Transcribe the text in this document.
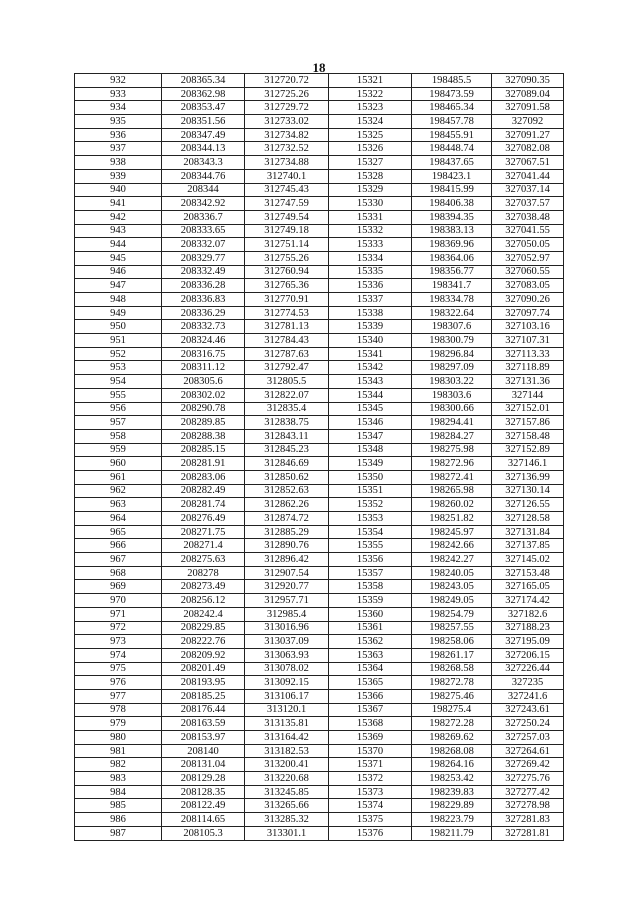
18
932	208365.34	312720.72	15321	198485.5	327090.35
933	208362.98	312725.26	15322	198473.59	327089.04
934	208353.47	312729.72	15323	198465.34	327091.58
935	208351.56	312733.02	15324	198457.78	327092
936	208347.49	312734.82	15325	198455.91	327091.27
937	208344.13	312732.52	15326	198448.74	327082.08
938	208343.3	312734.88	15327	198437.65	327067.51
939	208344.76	312740.1	15328	198423.1	327041.44
940	208344	312745.43	15329	198415.99	327037.14
941	208342.92	312747.59	15330	198406.38	327037.57
942	208336.7	312749.54	15331	198394.35	327038.48
943	208333.65	312749.18	15332	198383.13	327041.55
944	208332.07	312751.14	15333	198369.96	327050.05
945	208329.77	312755.26	15334	198364.06	327052.97
946	208332.49	312760.94	15335	198356.77	327060.55
947	208336.28	312765.36	15336	198341.7	327083.05
948	208336.83	312770.91	15337	198334.78	327090.26
949	208336.29	312774.53	15338	198322.64	327097.74
950	208332.73	312781.13	15339	198307.6	327103.16
951	208324.46	312784.43	15340	198300.79	327107.31
952	208316.75	312787.63	15341	198296.84	327113.33
953	208311.12	312792.47	15342	198297.09	327118.89
954	208305.6	312805.5	15343	198303.22	327131.36
955	208302.02	312822.07	15344	198303.6	327144
956	208290.78	312835.4	15345	198300.66	327152.01
957	208289.85	312838.75	15346	198294.41	327157.86
958	208288.38	312843.11	15347	198284.27	327158.48
959	208285.15	312845.23	15348	198275.98	327152.89
960	208281.91	312846.69	15349	198272.96	327146.1
961	208283.06	312850.62	15350	198272.41	327136.99
962	208282.49	312852.63	15351	198265.98	327130.14
963	208281.74	312862.26	15352	198260.02	327126.55
964	208276.49	312874.72	15353	198251.82	327128.58
965	208271.75	312885.29	15354	198245.97	327131.84
966	208271.4	312890.76	15355	198242.66	327137.85
967	208275.63	312896.42	15356	198242.27	327145.02
968	208278	312907.54	15357	198240.05	327153.48
969	208273.49	312920.77	15358	198243.05	327165.05
970	208256.12	312957.71	15359	198249.05	327174.42
971	208242.4	312985.4	15360	198254.79	327182.6
972	208229.85	313016.96	15361	198257.55	327188.23
973	208222.76	313037.09	15362	198258.06	327195.09
974	208209.92	313063.93	15363	198261.17	327206.15
975	208201.49	313078.02	15364	198268.58	327226.44
976	208193.95	313092.15	15365	198272.78	327235
977	208185.25	313106.17	15366	198275.46	327241.6
978	208176.44	313120.1	15367	198275.4	327243.61
979	208163.59	313135.81	15368	198272.28	327250.24
980	208153.97	313164.42	15369	198269.62	327257.03
981	208140	313182.53	15370	198268.08	327264.61
982	208131.04	313200.41	15371	198264.16	327269.42
983	208129.28	313220.68	15372	198253.42	327275.76
984	208128.35	313245.85	15373	198239.83	327277.42
985	208122.49	313265.66	15374	198229.89	327278.98
986	208114.65	313285.32	15375	198223.79	327281.83
987	208105.3	313301.1	15376	198211.79	327281.81
